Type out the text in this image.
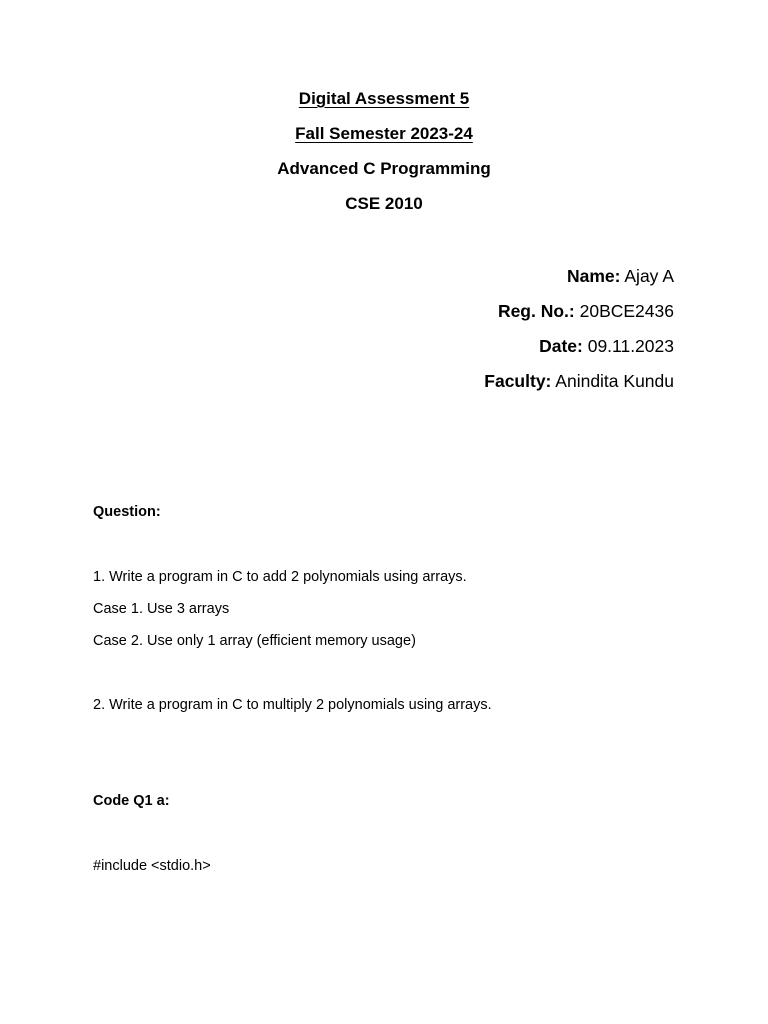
Digital Assessment 5
Fall Semester 2023-24
Advanced C Programming
CSE 2010
Name: Ajay A
Reg. No.: 20BCE2436
Date: 09.11.2023
Faculty: Anindita Kundu
Question:
1. Write a program in C to add 2 polynomials using arrays.
Case 1. Use 3 arrays
Case 2. Use only 1 array (efficient memory usage)
2. Write a program in C to multiply 2 polynomials using arrays.
Code Q1 a:
#include <stdio.h>
